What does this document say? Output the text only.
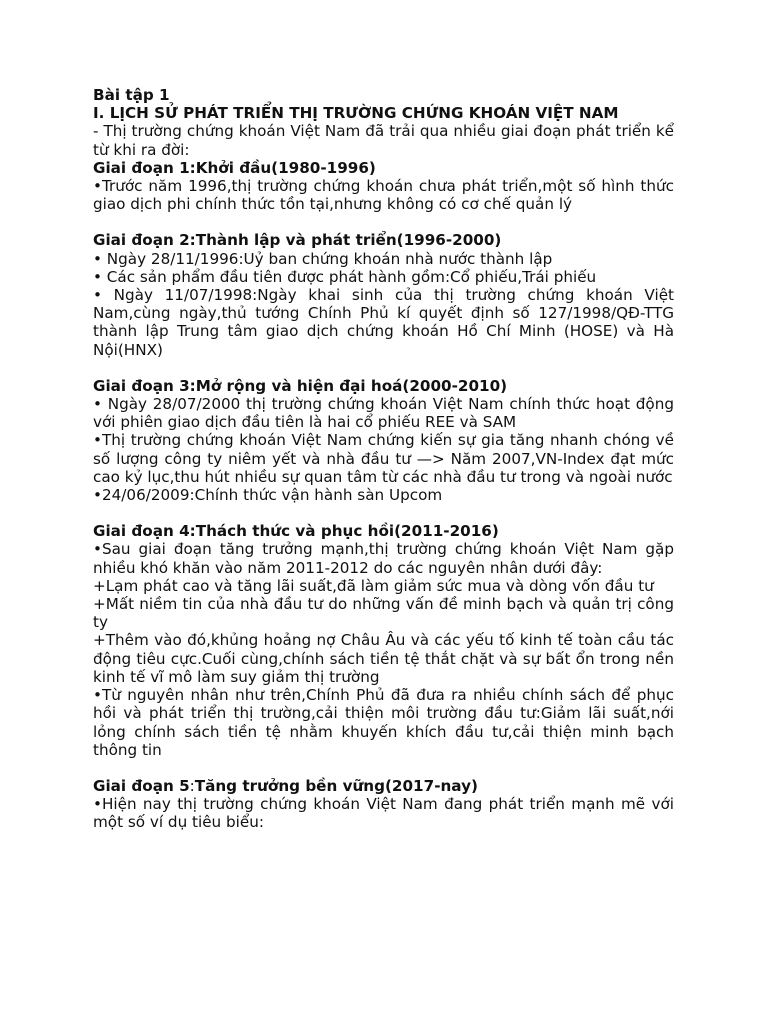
Bài tập 1

I. LỊCH SỬ PHÁT TRIỂN THỊ TRƯỜNG CHỨNG KHOÁN VIỆT NAM

- Thị trường chứng khoán Việt Nam đã trải qua nhiều giai đoạn phát triển kể từ khi ra đời:

Giai đoạn 1:Khởi đầu(1980-1996)

•Trước năm 1996,thị trường chứng khoán chưa phát triển,một số hình thức giao dịch phi chính thức tồn tại,nhưng không có cơ chế quản lý

Giai đoạn 2:Thành lập và phát triển(1996-2000)

• Ngày 28/11/1996:Uỷ ban chứng khoán nhà nước thành lập

• Các sản phẩm đầu tiên được phát hành gồm:Cổ phiếu,Trái phiếu

• Ngày 11/07/1998:Ngày khai sinh của thị trường chứng khoán Việt Nam,cùng ngày,thủ tướng Chính Phủ kí quyết định số 127/1998/QĐ-TTG thành lập Trung tâm giao dịch chứng khoán Hồ Chí Minh (HOSE) và Hà Nội(HNX)

Giai đoạn 3:Mở rộng và hiện đại hoá(2000-2010)

• Ngày 28/07/2000 thị trường chứng khoán Việt Nam chính thức hoạt động với phiên giao dịch đầu tiên là hai cổ phiếu REE và SAM

•Thị trường chứng khoán Việt Nam chứng kiến sự gia tăng nhanh chóng về số lượng công ty niêm yết và nhà đầu tư —> Năm 2007,VN-Index đạt mức cao kỷ lục,thu hút nhiều sự quan tâm từ các nhà đầu tư trong và ngoài nước

•24/06/2009:Chính thức vận hành sàn Upcom

Giai đoạn 4:Thách thức và phục hồi(2011-2016)

•Sau giai đoạn tăng trưởng mạnh,thị trường chứng khoán Việt Nam gặp nhiều khó khăn vào năm 2011-2012 do các nguyên nhân dưới đây:

+Lạm phát cao và tăng lãi suất,đã làm giảm sức mua và dòng vốn đầu tư

+Mất niềm tin của nhà đầu tư do những vấn đề minh bạch và quản trị công ty

+Thêm vào đó,khủng hoảng nợ Châu Âu và các yếu tố kinh tế toàn cầu tác động tiêu cực.Cuối cùng,chính sách tiền tệ thắt chặt và sự bất ổn trong nền kinh tế vĩ mô làm suy giảm thị trường

•Từ nguyên nhân như trên,Chính Phủ đã đưa ra nhiều chính sách để phục hồi và phát triển thị trường,cải thiện môi trường đầu tư:Giảm lãi suất,nới lỏng chính sách tiền tệ nhằm khuyến khích đầu tư,cải thiện minh bạch thông tin

Giai đoạn 5:Tăng trưởng bền vững(2017-nay)

•Hiện nay thị trường chứng khoán Việt Nam đang phát triển mạnh mẽ với một số ví dụ tiêu biểu:
